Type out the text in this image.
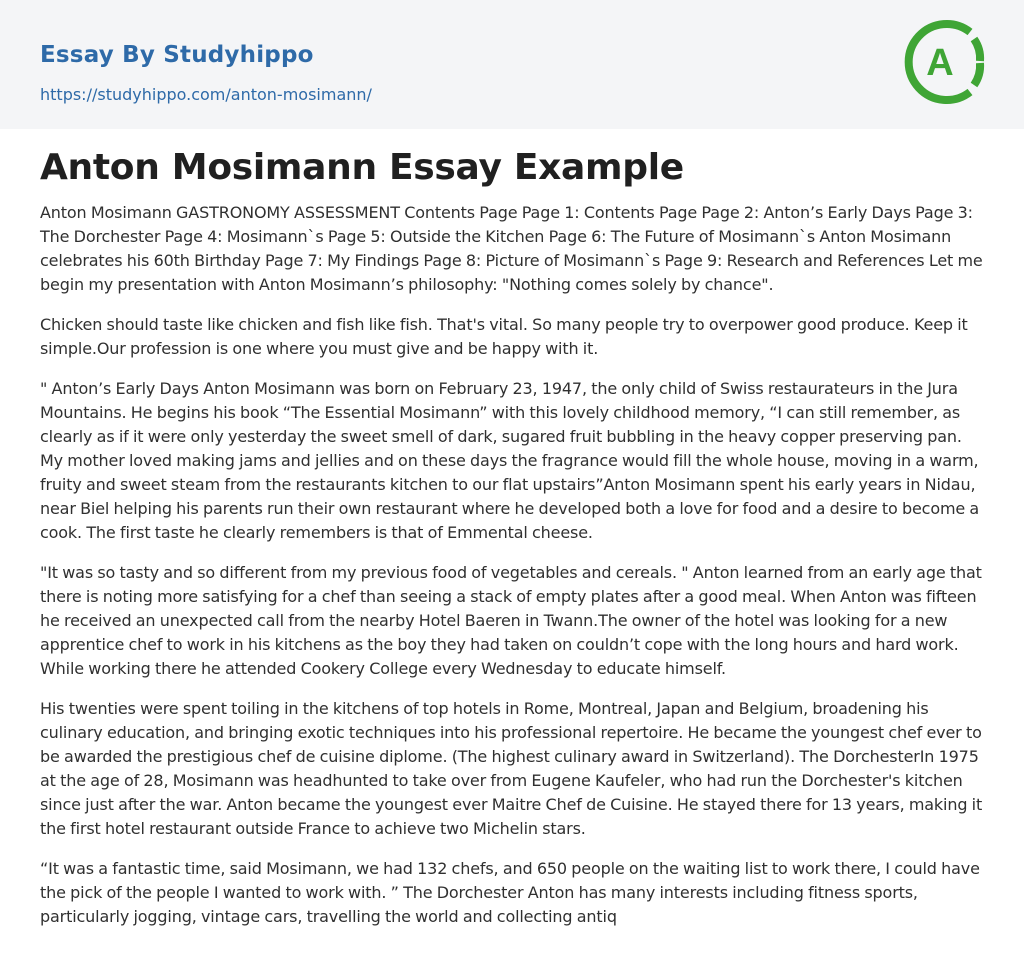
Essay By Studyhippo
https://studyhippo.com/anton-mosimann/
A
Anton Mosimann Essay Example

Anton Mosimann GASTRONOMY ASSESSMENT Contents Page Page 1: Contents Page Page 2: Anton’s Early Days Page 3: The Dorchester Page 4: Mosimann`s Page 5: Outside the Kitchen Page 6: The Future of Mosimann`s Anton Mosimann celebrates his 60th Birthday Page 7: My Findings Page 8: Picture of Mosimann`s Page 9: Research and References Let me begin my presentation with Anton Mosimann’s philosophy: "Nothing comes solely by chance".

Chicken should taste like chicken and fish like fish. That's vital. So many people try to overpower good produce. Keep it simple.Our profession is one where you must give and be happy with it.

" Anton’s Early Days Anton Mosimann was born on February 23, 1947, the only child of Swiss restaurateurs in the Jura Mountains. He begins his book “The Essential Mosimann” with this lovely childhood memory, “I can still remember, as clearly as if it were only yesterday the sweet smell of dark, sugared fruit bubbling in the heavy copper preserving pan. My mother loved making jams and jellies and on these days the fragrance would fill the whole house, moving in a warm, fruity and sweet steam from the restaurants kitchen to our flat upstairs”Anton Mosimann spent his early years in Nidau, near Biel helping his parents run their own restaurant where he developed both a love for food and a desire to become a cook. The first taste he clearly remembers is that of Emmental cheese.

"It was so tasty and so different from my previous food of vegetables and cereals. " Anton learned from an early age that there is noting more satisfying for a chef than seeing a stack of empty plates after a good meal. When Anton was fifteen he received an unexpected call from the nearby Hotel Baeren in Twann.The owner of the hotel was looking for a new apprentice chef to work in his kitchens as the boy they had taken on couldn’t cope with the long hours and hard work. While working there he attended Cookery College every Wednesday to educate himself.

His twenties were spent toiling in the kitchens of top hotels in Rome, Montreal, Japan and Belgium, broadening his culinary education, and bringing exotic techniques into his professional repertoire. He became the youngest chef ever to be awarded the prestigious chef de cuisine diplome. (The highest culinary award in Switzerland). The DorchesterIn 1975 at the age of 28, Mosimann was headhunted to take over from Eugene Kaufeler, who had run the Dorchester's kitchen since just after the war. Anton became the youngest ever Maitre Chef de Cuisine. He stayed there for 13 years, making it the first hotel restaurant outside France to achieve two Michelin stars.

“It was a fantastic time, said Mosimann, we had 132 chefs, and 650 people on the waiting list to work there, I could have the pick of the people I wanted to work with. ” The Dorchester Anton has many interests including fitness sports, particularly jogging, vintage cars, travelling the world and collecting antiq
